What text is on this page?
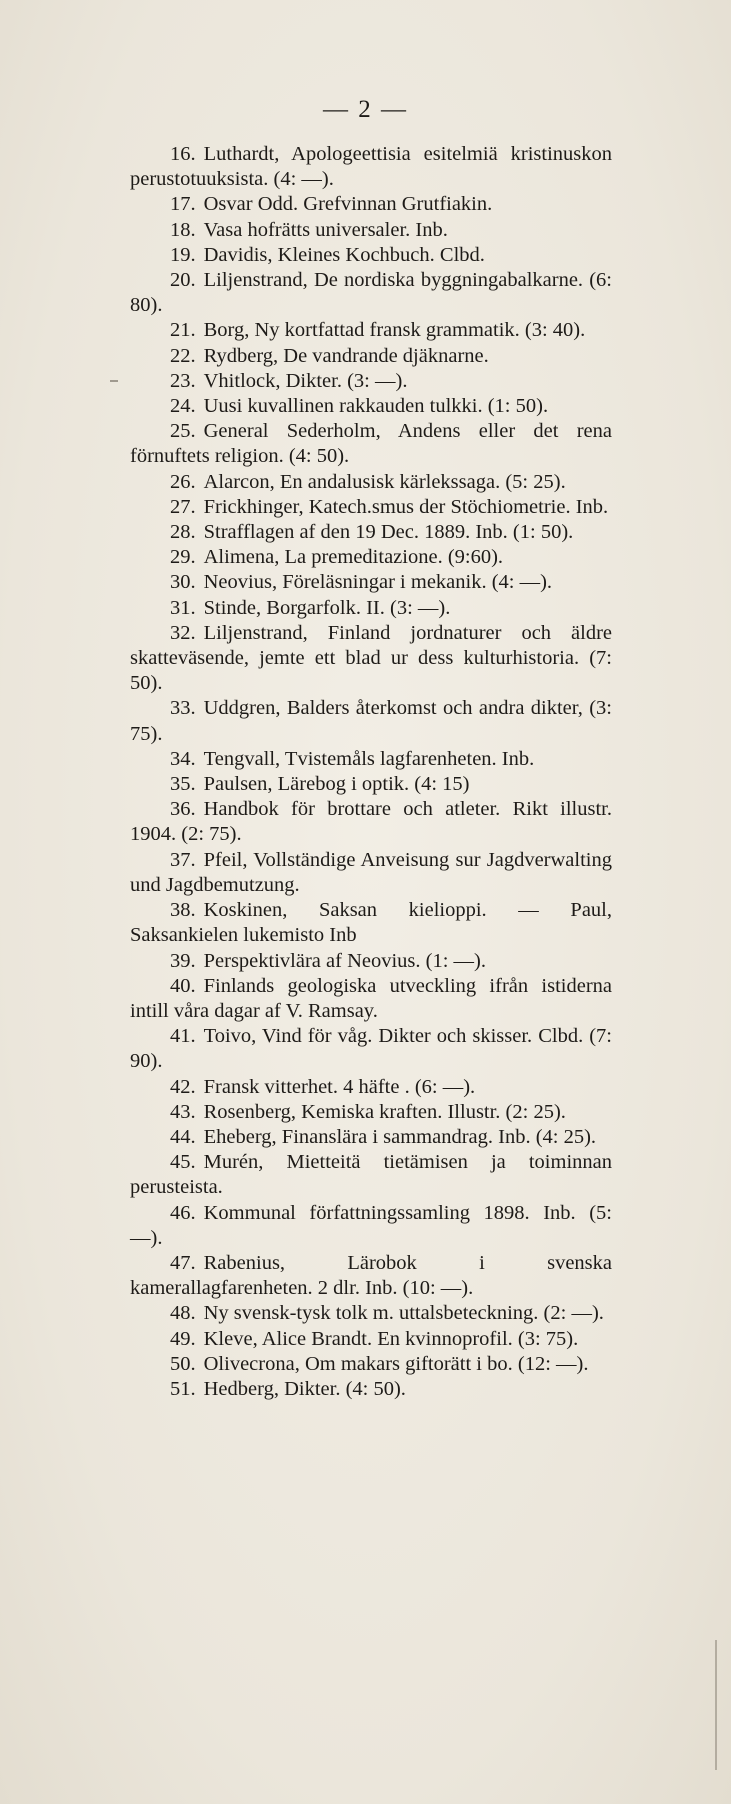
— 2 —

16. Luthardt, Apologeettisia esitelmiä kristinuskon perustotuuksista. (4: —).

17. Osvar Odd. Grefvinnan Grutfiakin.

18. Vasa hofrätts universaler. Inb.

19. Davidis, Kleines Kochbuch. Clbd.

20. Liljenstrand, De nordiska byggningabalkarne. (6: 80).

21. Borg, Ny kortfattad fransk grammatik. (3: 40).

22. Rydberg, De vandrande djäknarne.

23. Vhitlock, Dikter. (3: —).

24. Uusi kuvallinen rakkauden tulkki. (1: 50).

25. General Sederholm, Andens eller det rena förnuftets religion. (4: 50).

26. Alarcon, En andalusisk kärlekssaga. (5: 25).

27. Frickhinger, Katech.smus der Stöchiometrie. Inb.

28. Strafflagen af den 19 Dec. 1889. Inb. (1: 50).

29. Alimena, La premeditazione. (9:60).

30. Neovius, Föreläsningar i mekanik. (4: —).

31. Stinde, Borgarfolk. II. (3: —).

32. Liljenstrand, Finland jordnaturer och äldre skatteväsende, jemte ett blad ur dess kulturhistoria. (7: 50).

33. Uddgren, Balders återkomst och andra dikter, (3: 75).

34. Tengvall, Tvistemåls lagfarenheten. Inb.

35. Paulsen, Lärebog i optik. (4: 15)

36. Handbok för brottare och atleter. Rikt illustr. 1904. (2: 75).

37. Pfeil, Vollständige Anveisung sur Jagdverwalting und Jagdbemutzung.

38. Koskinen, Saksan kielioppi. — Paul, Saksankielen lukemisto Inb

39. Perspektivlära af Neovius. (1: —).

40. Finlands geologiska utveckling ifrån istiderna intill våra dagar af V. Ramsay.

41. Toivo, Vind för våg. Dikter och skisser. Clbd. (7: 90).

42. Fransk vitterhet. 4 häfte . (6: —).

43. Rosenberg, Kemiska kraften. Illustr. (2: 25).

44. Eheberg, Finanslära i sammandrag. Inb. (4: 25).

45. Murén, Mietteitä tietämisen ja toiminnan perusteista.

46. Kommunal författningssamling 1898. Inb. (5: —).

47. Rabenius, Lärobok i svenska kamerallagfarenheten. 2 dlr. Inb. (10: —).

48. Ny svensk-tysk tolk m. uttalsbeteckning. (2: —).

49. Kleve, Alice Brandt. En kvinnoprofil. (3: 75).

50. Olivecrona, Om makars giftorätt i bo. (12: —).

51. Hedberg, Dikter. (4: 50).
